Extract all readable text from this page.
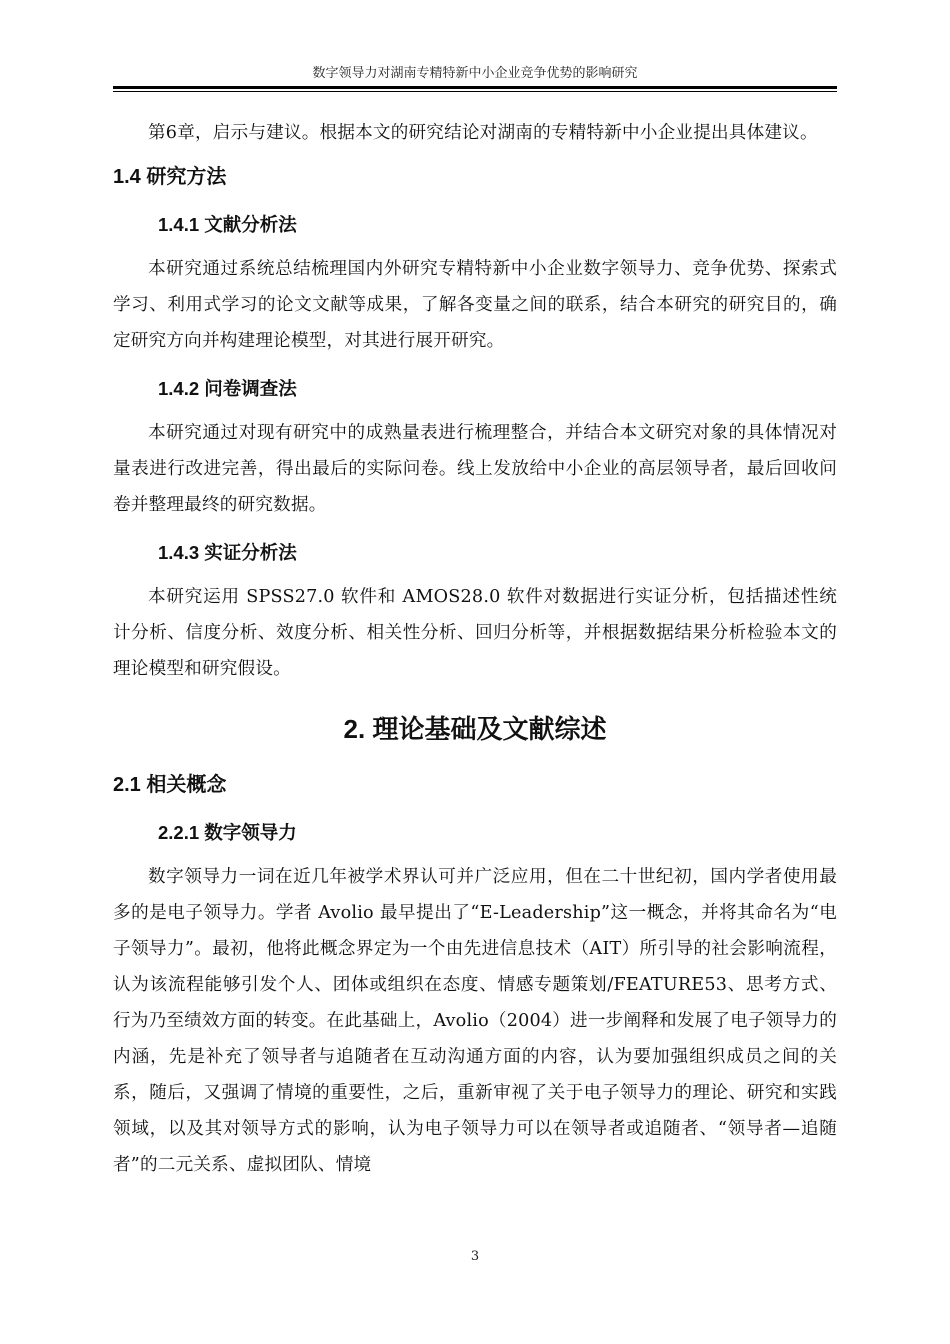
数字领导力对湖南专精特新中小企业竞争优势的影响研究

第6章，启示与建议。根据本文的研究结论对湖南的专精特新中小企业提出具体建议。

1.4 研究方法
1.4.1 文献分析法

本研究通过系统总结梳理国内外研究专精特新中小企业数字领导力、竞争优势、探索式学习、利用式学习的论文文献等成果，了解各变量之间的联系，结合本研究的研究目的，确定研究方向并构建理论模型，对其进行展开研究。

1.4.2 问卷调查法

本研究通过对现有研究中的成熟量表进行梳理整合，并结合本文研究对象的具体情况对量表进行改进完善，得出最后的实际问卷。线上发放给中小企业的高层领导者，最后回收问卷并整理最终的研究数据。

1.4.3 实证分析法

本研究运用 SPSS27.0 软件和 AMOS28.0 软件对数据进行实证分析，包括描述性统计分析、信度分析、效度分析、相关性分析、回归分析等，并根据数据结果分析检验本文的理论模型和研究假设。

2. 理论基础及文献综述
2.1 相关概念
2.2.1 数字领导力

数字领导力一词在近几年被学术界认可并广泛应用，但在二十世纪初，国内学者使用最多的是电子领导力。学者 Avolio 最早提出了“E-Leadership”这一概念，并将其命名为“电子领导力”。最初，他将此概念界定为一个由先进信息技术（AIT）所引导的社会影响流程，认为该流程能够引发个人、团体或组织在态度、情感专题策划/FEATURE53、思考方式、行为乃至绩效方面的转变。在此基础上，Avolio（2004）进一步阐释和发展了电子领导力的内涵，先是补充了领导者与追随者在互动沟通方面的内容，认为要加强组织成员之间的关系，随后，又强调了情境的重要性，之后，重新审视了关于电子领导力的理论、研究和实践领域，以及其对领导方式的影响，认为电子领导力可以在领导者或追随者、“领导者—追随者”的二元关系、虚拟团队、情境

3
